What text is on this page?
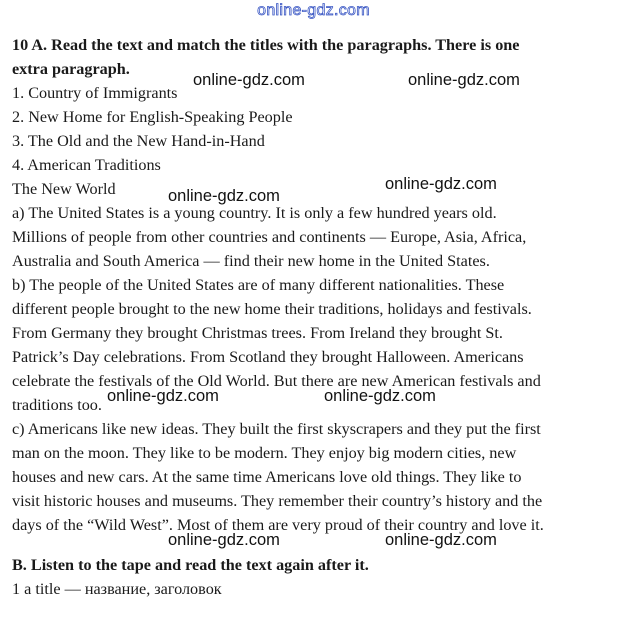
online-gdz.com
10 A. Read the text and match the titles with the paragraphs. There is one
extra paragraph.
1. Country of Immigrants
2. New Home for English-Speaking People
3. The Old and the New Hand-in-Hand
4. American Traditions
The New World
a) The United States is a young country. It is only a few hundred years old.
Millions of people from other countries and continents — Europe, Asia, Africa,
Australia and South America — find their new home in the United States.
b) The people of the United States are of many different nationalities. These
different people brought to the new home their traditions, holidays and festivals.
From Germany they brought Christmas trees. From Ireland they brought St.
Patrick’s Day celebrations. From Scotland they brought Halloween. Americans
celebrate the festivals of the Old World. But there are new American festivals and
traditions too.
c) Americans like new ideas. They built the first skyscrapers and they put the first
man on the moon. They like to be modern. They enjoy big modern cities, new
houses and new cars. At the same time Americans love old things. They like to
visit historic houses and museums. They remember their country’s history and the
days of the “Wild West”. Most of them are very proud of their country and love it.
B. Listen to the tape and read the text again after it.
1 a title — название, заголовок
online-gdz.com	online-gdz.com
online-gdz.com
online-gdz.com
online-gdz.com	online-gdz.com
online-gdz.com	online-gdz.com
